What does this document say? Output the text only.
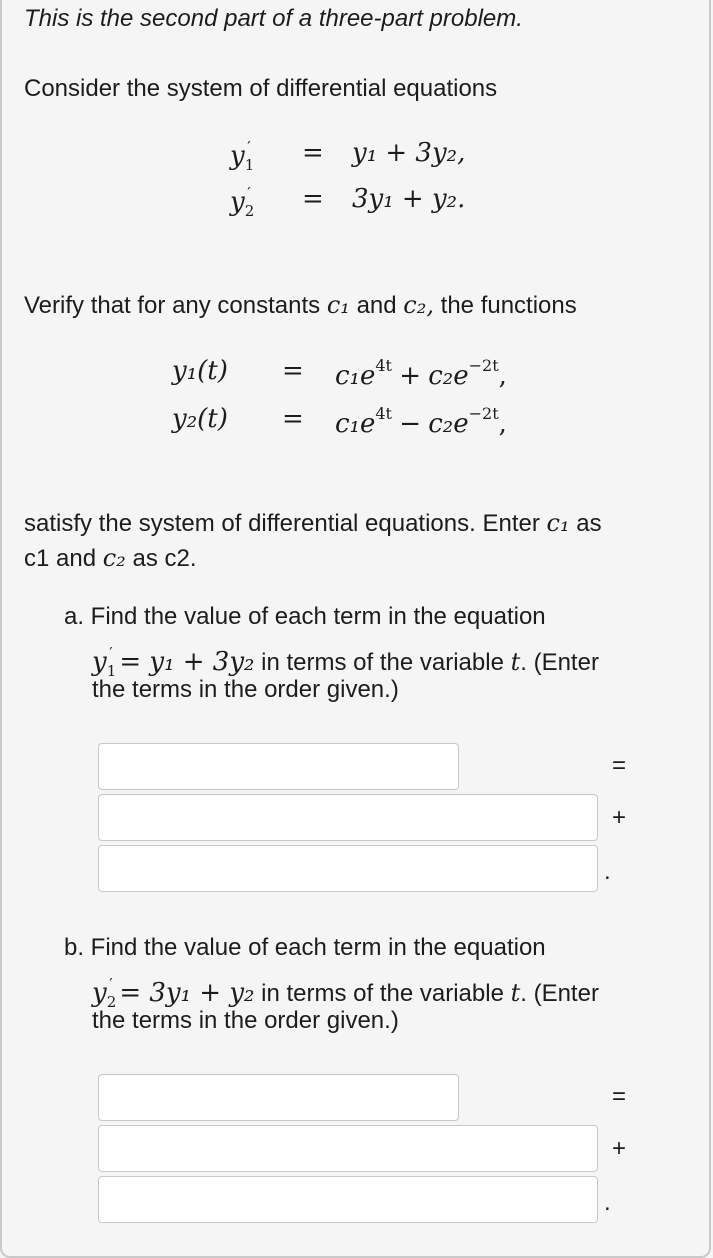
This is the second part of a three-part problem.
Consider the system of differential equations
$y_1' = y_1 + 3y_2$,
$y_2' = 3y_1 + y_2$.
Verify that for any constants c₁ and c₂, the functions
$y_1(t) = c_1e^{4t} + c_2e^{-2t}$,
$y_2(t) = c_1e^{4t} - c_2e^{-2t}$,
satisfy the system of differential equations. Enter c₁ as
c1 and c₂ as c2.
a. Find the value of each term in the equation
$y_1' = y_1 + 3y_2$ in terms of the variable t. (Enter
the terms in the order given.)
=
+
.
b. Find the value of each term in the equation
$y_2' = 3y_1 + y_2$ in terms of the variable t. (Enter
the terms in the order given.)
=
+
.
